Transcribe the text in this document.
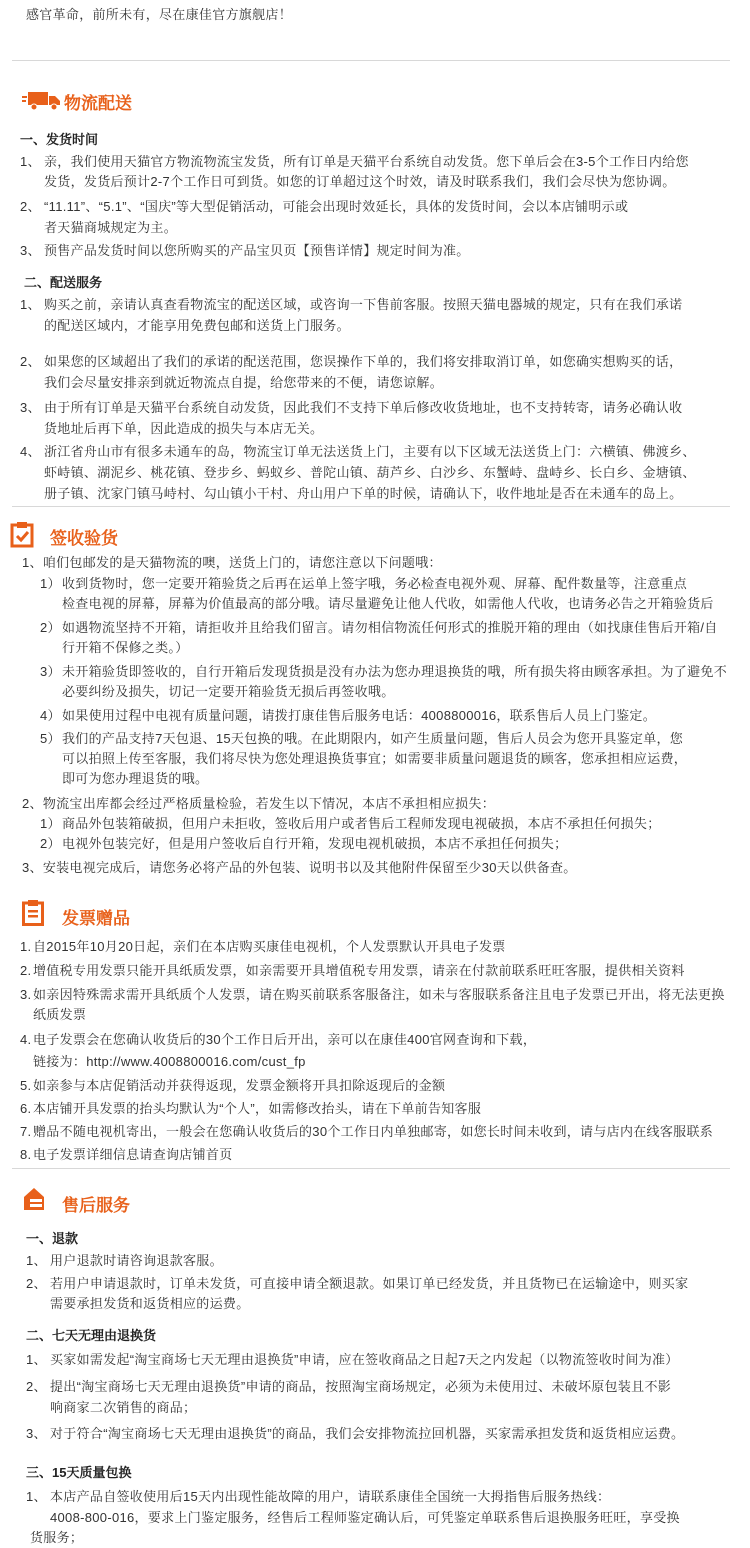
感官革命，前所未有，尽在康佳官方旗舰店！
物流配送
一、发货时间
1、 亲，我们使用天猫官方物流物流宝发货，所有订单是天猫平台系统自动发货。您下单后会在3-5个工作日内给您
发货，发货后预计2-7个工作日可到货。如您的订单超过这个时效，请及时联系我们，我们会尽快为您协调。
2、 “11.11”、“5.1”、“国庆”等大型促销活动，可能会出现时效延长，具体的发货时间，会以本店铺明示或
者天猫商城规定为主。
3、 预售产品发货时间以您所购买的产品宝贝页【预售详情】规定时间为准。
二、配送服务
1、 购买之前，亲请认真查看物流宝的配送区域，或咨询一下售前客服。按照天猫电器城的规定，只有在我们承诺
的配送区域内，才能享用免费包邮和送货上门服务。
2、 如果您的区域超出了我们的承诺的配送范围，您误操作下单的，我们将安排取消订单，如您确实想购买的话，
我们会尽量安排亲到就近物流点自提，给您带来的不便，请您谅解。
3、 由于所有订单是天猫平台系统自动发货，因此我们不支持下单后修改收货地址，也不支持转寄，请务必确认收
货地址后再下单，因此造成的损失与本店无关。
4、 浙江省舟山市有很多未通车的岛，物流宝订单无法送货上门，主要有以下区域无法送货上门：六横镇、佛渡乡、
虾峙镇、湖泥乡、桃花镇、登步乡、蚂蚁乡、普陀山镇、葫芦乡、白沙乡、东蟹峙、盘峙乡、长白乡、金塘镇、
册子镇、沈家门镇马峙村、勾山镇小干村、舟山用户下单的时候，请确认下，收件地址是否在未通车的岛上。
签收验货
1、咱们包邮发的是天猫物流的噢，送货上门的，请您注意以下问题哦：
1） 收到货物时，您一定要开箱验货之后再在运单上签字哦，务必检查电视外观、屏幕、配件数量等，注意重点
检查电视的屏幕，屏幕为价值最高的部分哦。请尽量避免让他人代收，如需他人代收，也请务必告之开箱验货后
2） 如遇物流坚持不开箱，请拒收并且给我们留言。请勿相信物流任何形式的推脱开箱的理由（如找康佳售后开箱/自
行开箱不保修之类。）
3） 未开箱验货即签收的，自行开箱后发现货损是没有办法为您办理退换货的哦，所有损失将由顾客承担。为了避免不
必要纠纷及损失，切记一定要开箱验货无损后再签收哦。
4） 如果使用过程中电视有质量问题，请拨打康佳售后服务电话：4008800016，联系售后人员上门鉴定。
5） 我们的产品支持7天包退、15天包换的哦。在此期限内，如产生质量问题，售后人员会为您开具鉴定单，您
可以拍照上传至客服，我们将尽快为您处理退换货事宜；如需要非质量问题退货的顾客，您承担相应运费，
即可为您办理退货的哦。
2、物流宝出库都会经过严格质量检验，若发生以下情况，本店不承担相应损失：
1） 商品外包装箱破损，但用户未拒收，签收后用户或者售后工程师发现电视破损，本店不承担任何损失；
2） 电视外包装完好，但是用户签收后自行开箱，发现电视机破损，本店不承担任何损失；
3、安装电视完成后，请您务必将产品的外包装、说明书以及其他附件保留至少30天以供备查。
发票赠品
1. 自2015年10月20日起，亲们在本店购买康佳电视机，个人发票默认开具电子发票
2. 增值税专用发票只能开具纸质发票，如亲需要开具增值税专用发票，请亲在付款前联系旺旺客服，提供相关资料
3. 如亲因特殊需求需开具纸质个人发票，请在购买前联系客服备注，如未与客服联系备注且电子发票已开出，将无法更换
纸质发票
4. 电子发票会在您确认收货后的30个工作日后开出，亲可以在康佳400官网查询和下载，
链接为：http://www.4008800016.com/cust_fp
5. 如亲参与本店促销活动并获得返现，发票金额将开具扣除返现后的金额
6. 本店铺开具发票的抬头均默认为“个人”，如需修改抬头，请在下单前告知客服
7. 赠品不随电视机寄出，一般会在您确认收货后的30个工作日内单独邮寄，如您长时间未收到，请与店内在线客服联系
8. 电子发票详细信息请查询店铺首页
售后服务
一、退款
1、 用户退款时请咨询退款客服。
2、 若用户申请退款时，订单未发货，可直接申请全额退款。如果订单已经发货，并且货物已在运输途中，则买家
需要承担发货和返货相应的运费。
二、七天无理由退换货
1、 买家如需发起“淘宝商场七天无理由退换货”申请，应在签收商品之日起7天之内发起（以物流签收时间为准）
2、 提出“淘宝商场七天无理由退换货”申请的商品，按照淘宝商场规定，必须为未使用过、未破坏原包装且不影
响商家二次销售的商品；
3、 对于符合“淘宝商场七天无理由退换货”的商品，我们会安排物流拉回机器，买家需承担发货和返货相应运费。
三、15天质量包换
1、 本店产品自签收使用后15天内出现性能故障的用户，请联系康佳全国统一大拇指售后服务热线：
4008-800-016，要求上门鉴定服务，经售后工程师鉴定确认后，可凭鉴定单联系售后退换服务旺旺，享受换
货服务；
